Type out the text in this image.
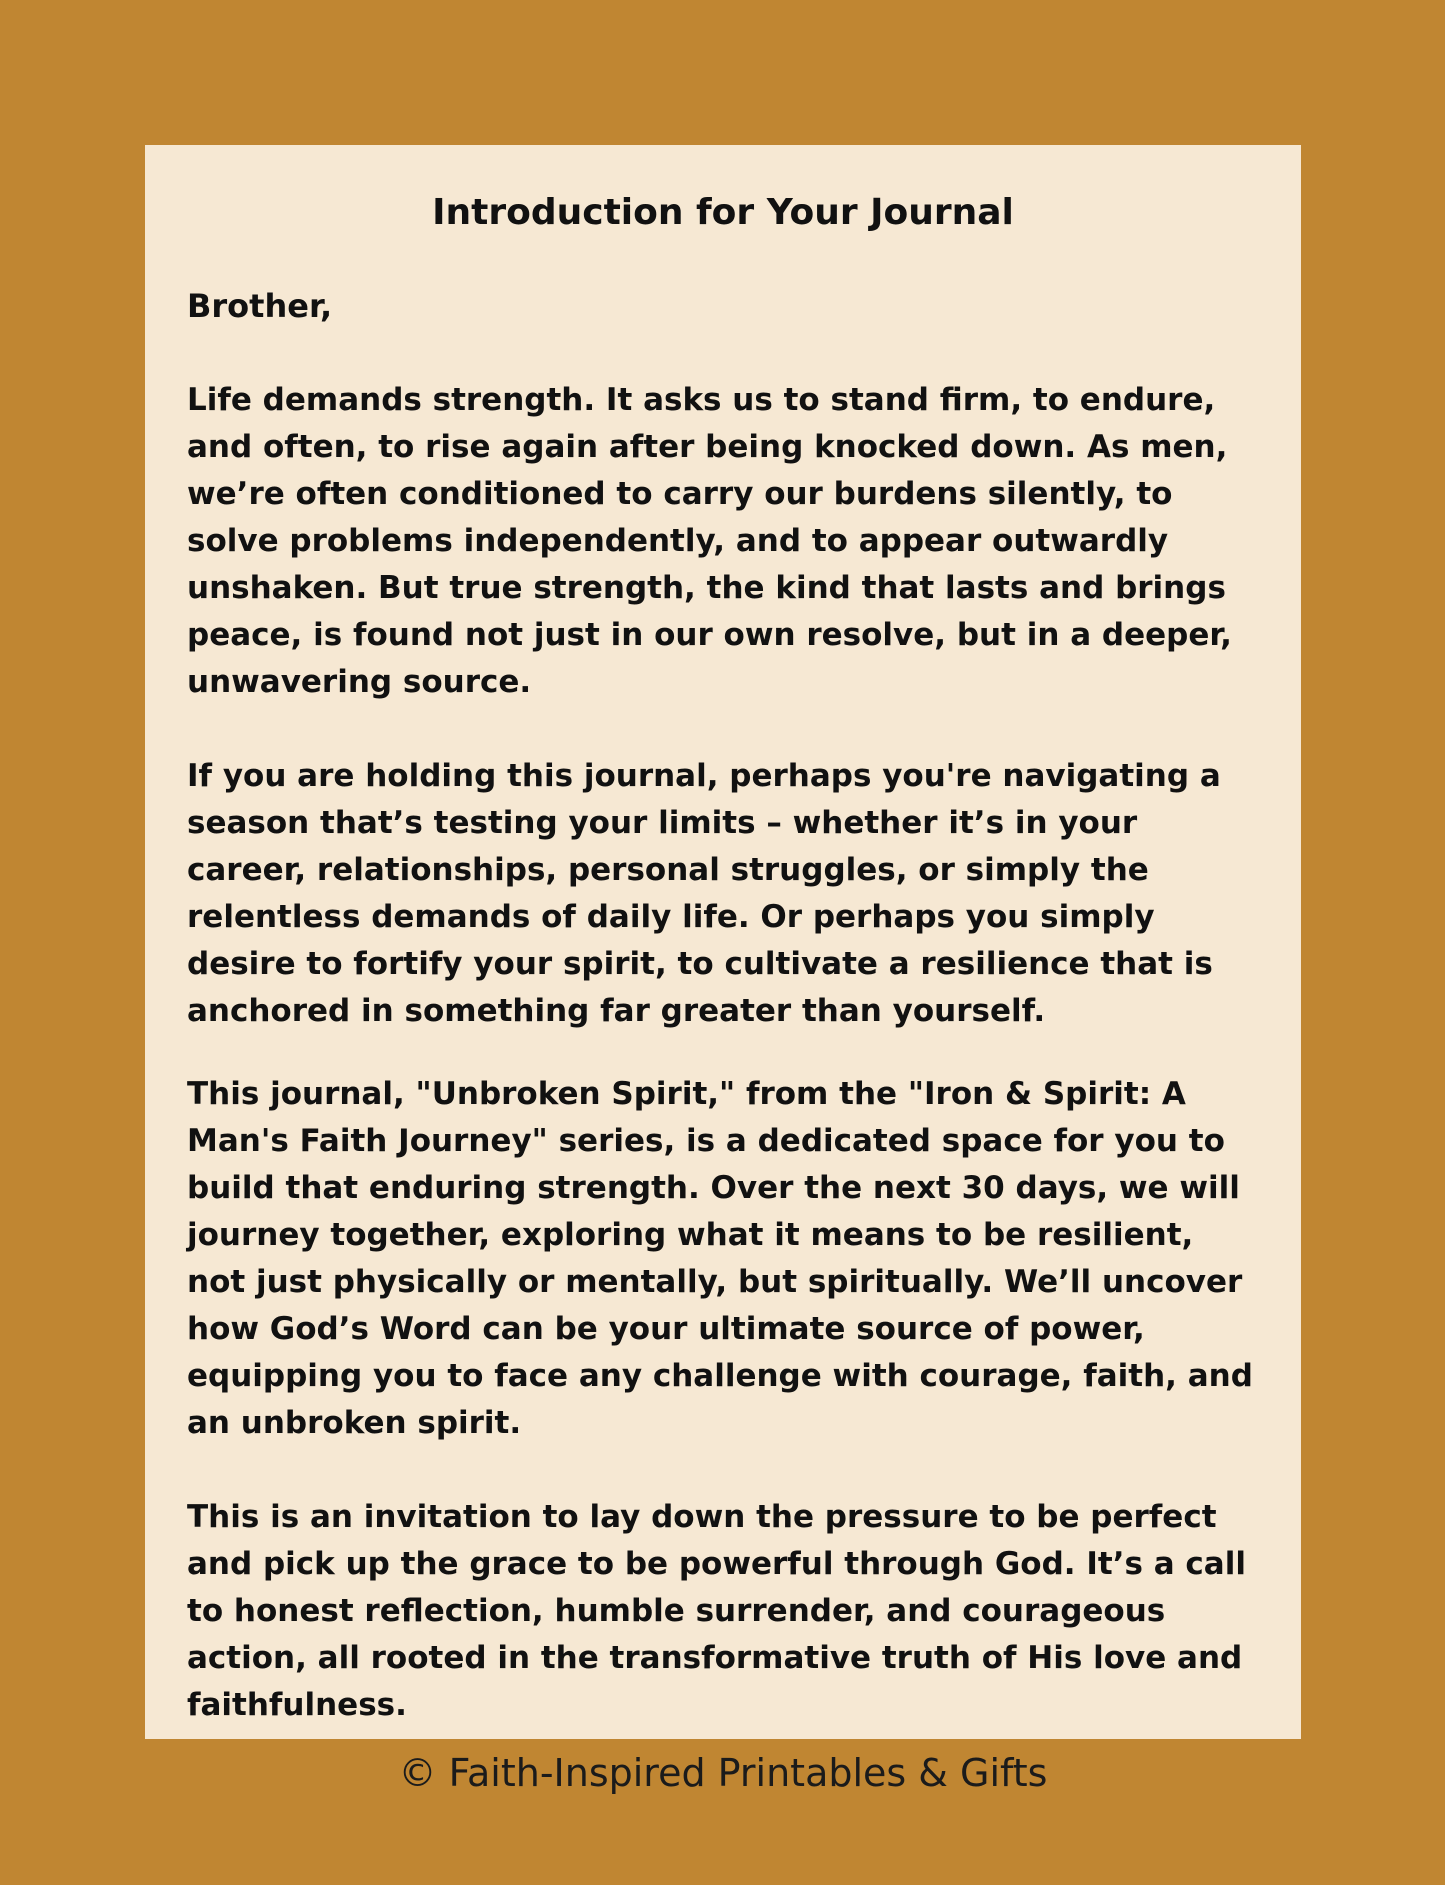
Introduction for Your Journal
Brother,
Life demands strength. It asks us to stand firm, to endure, and often, to rise again after being knocked down. As men, we’re often conditioned to carry our burdens silently, to solve problems independently, and to appear outwardly unshaken. But true strength, the kind that lasts and brings peace, is found not just in our own resolve, but in a deeper, unwavering source.
If you are holding this journal, perhaps you're navigating a season that’s testing your limits – whether it’s in your career, relationships, personal struggles, or simply the relentless demands of daily life. Or perhaps you simply desire to fortify your spirit, to cultivate a resilience that is anchored in something far greater than yourself.
This journal, "Unbroken Spirit," from the "Iron & Spirit: A Man's Faith Journey" series, is a dedicated space for you to build that enduring strength. Over the next 30 days, we will journey together, exploring what it means to be resilient, not just physically or mentally, but spiritually. We’ll uncover how God’s Word can be your ultimate source of power, equipping you to face any challenge with courage, faith, and an unbroken spirit.
This is an invitation to lay down the pressure to be perfect and pick up the grace to be powerful through God. It’s a call to honest reflection, humble surrender, and courageous action, all rooted in the transformative truth of His love and faithfulness.
© Faith-Inspired Printables & Gifts
